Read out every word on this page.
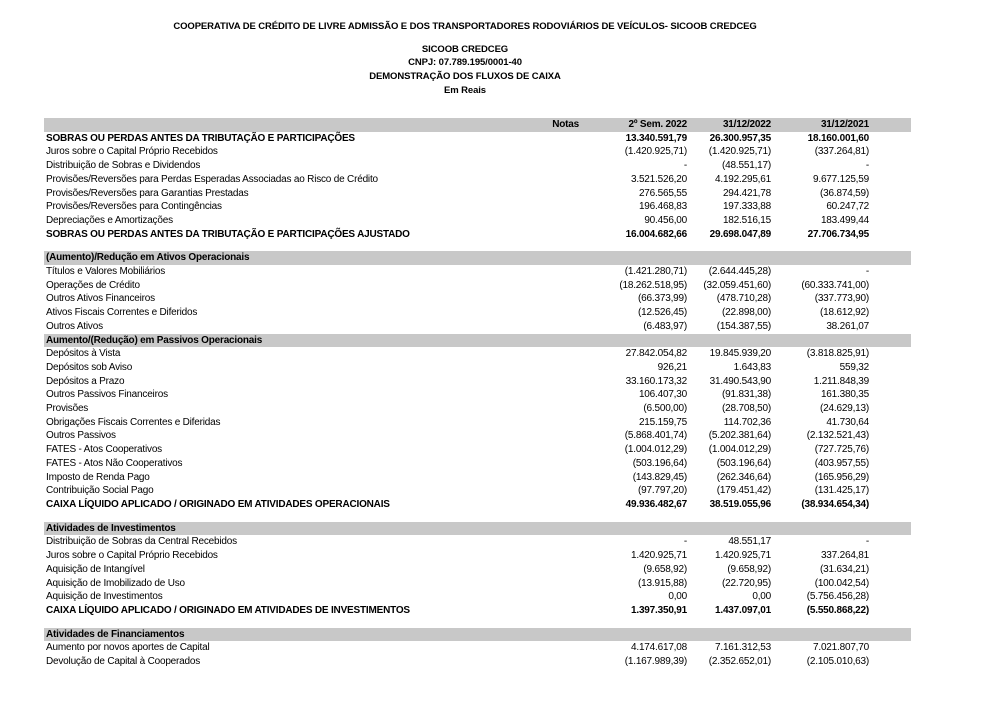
COOPERATIVA DE CRÉDITO DE LIVRE ADMISSÃO E DOS TRANSPORTADORES RODOVIÁRIOS DE VEÍCULOS- SICOOB CREDCEG
SICOOB CREDCEG
CNPJ: 07.789.195/0001-40
DEMONSTRAÇÃO DOS FLUXOS DE CAIXA
Em Reais
	Notas	2º Sem. 2022	31/12/2022	31/12/2021	
SOBRAS OU PERDAS ANTES DA TRIBUTAÇÃO E PARTICIPAÇÕES		13.340.591,79	26.300.957,35	18.160.001,60	
Juros sobre o Capital Próprio Recebidos		(1.420.925,71)	(1.420.925,71)	(337.264,81)	
Distribuição de Sobras e Dividendos		-	(48.551,17)	-	
Provisões/Reversões para Perdas Esperadas Associadas ao Risco de Crédito		3.521.526,20	4.192.295,61	9.677.125,59	
Provisões/Reversões para Garantias Prestadas		276.565,55	294.421,78	(36.874,59)	
Provisões/Reversões para Contingências		196.468,83	197.333,88	60.247,72	
Depreciações e Amortizações		90.456,00	182.516,15	183.499,44	
SOBRAS OU PERDAS ANTES DA TRIBUTAÇÃO E PARTICIPAÇÕES AJUSTADO		16.004.682,66	29.698.047,89	27.706.734,95	

(Aumento)/Redução em Ativos Operacionais					
Títulos e Valores Mobiliários		(1.421.280,71)	(2.644.445,28)	-	
Operações de Crédito		(18.262.518,95)	(32.059.451,60)	(60.333.741,00)	
Outros Ativos Financeiros		(66.373,99)	(478.710,28)	(337.773,90)	
Ativos Fiscais Correntes e Diferidos		(12.526,45)	(22.898,00)	(18.612,92)	
Outros Ativos		(6.483,97)	(154.387,55)	38.261,07	
Aumento/(Redução) em Passivos Operacionais					
Depósitos à Vista		27.842.054,82	19.845.939,20	(3.818.825,91)	
Depósitos sob Aviso		926,21	1.643,83	559,32	
Depósitos a Prazo		33.160.173,32	31.490.543,90	1.211.848,39	
Outros Passivos Financeiros		106.407,30	(91.831,38)	161.380,35	
Provisões		(6.500,00)	(28.708,50)	(24.629,13)	
Obrigações Fiscais Correntes e Diferidas		215.159,75	114.702,36	41.730,64	
Outros Passivos		(5.868.401,74)	(5.202.381,64)	(2.132.521,43)	
FATES - Atos Cooperativos		(1.004.012,29)	(1.004.012,29)	(727.725,76)	
FATES - Atos Não Cooperativos		(503.196,64)	(503.196,64)	(403.957,55)	
Imposto de Renda Pago		(143.829,45)	(262.346,64)	(165.956,29)	
Contribuição Social Pago		(97.797,20)	(179.451,42)	(131.425,17)	
CAIXA LÍQUIDO APLICADO / ORIGINADO EM ATIVIDADES OPERACIONAIS		49.936.482,67	38.519.055,96	(38.934.654,34)	

Atividades de Investimentos					
Distribuição de Sobras da Central Recebidos		-	48.551,17	-	
Juros sobre o Capital Próprio Recebidos		1.420.925,71	1.420.925,71	337.264,81	
Aquisição de Intangível		(9.658,92)	(9.658,92)	(31.634,21)	
Aquisição de Imobilizado de Uso		(13.915,88)	(22.720,95)	(100.042,54)	
Aquisição de Investimentos		0,00	0,00	(5.756.456,28)	
CAIXA LÍQUIDO APLICADO / ORIGINADO EM ATIVIDADES DE INVESTIMENTOS		1.397.350,91	1.437.097,01	(5.550.868,22)	

Atividades de Financiamentos					
Aumento por novos aportes de Capital		4.174.617,08	7.161.312,53	7.021.807,70	
Devolução de Capital à Cooperados		(1.167.989,39)	(2.352.652,01)	(2.105.010,63)	
